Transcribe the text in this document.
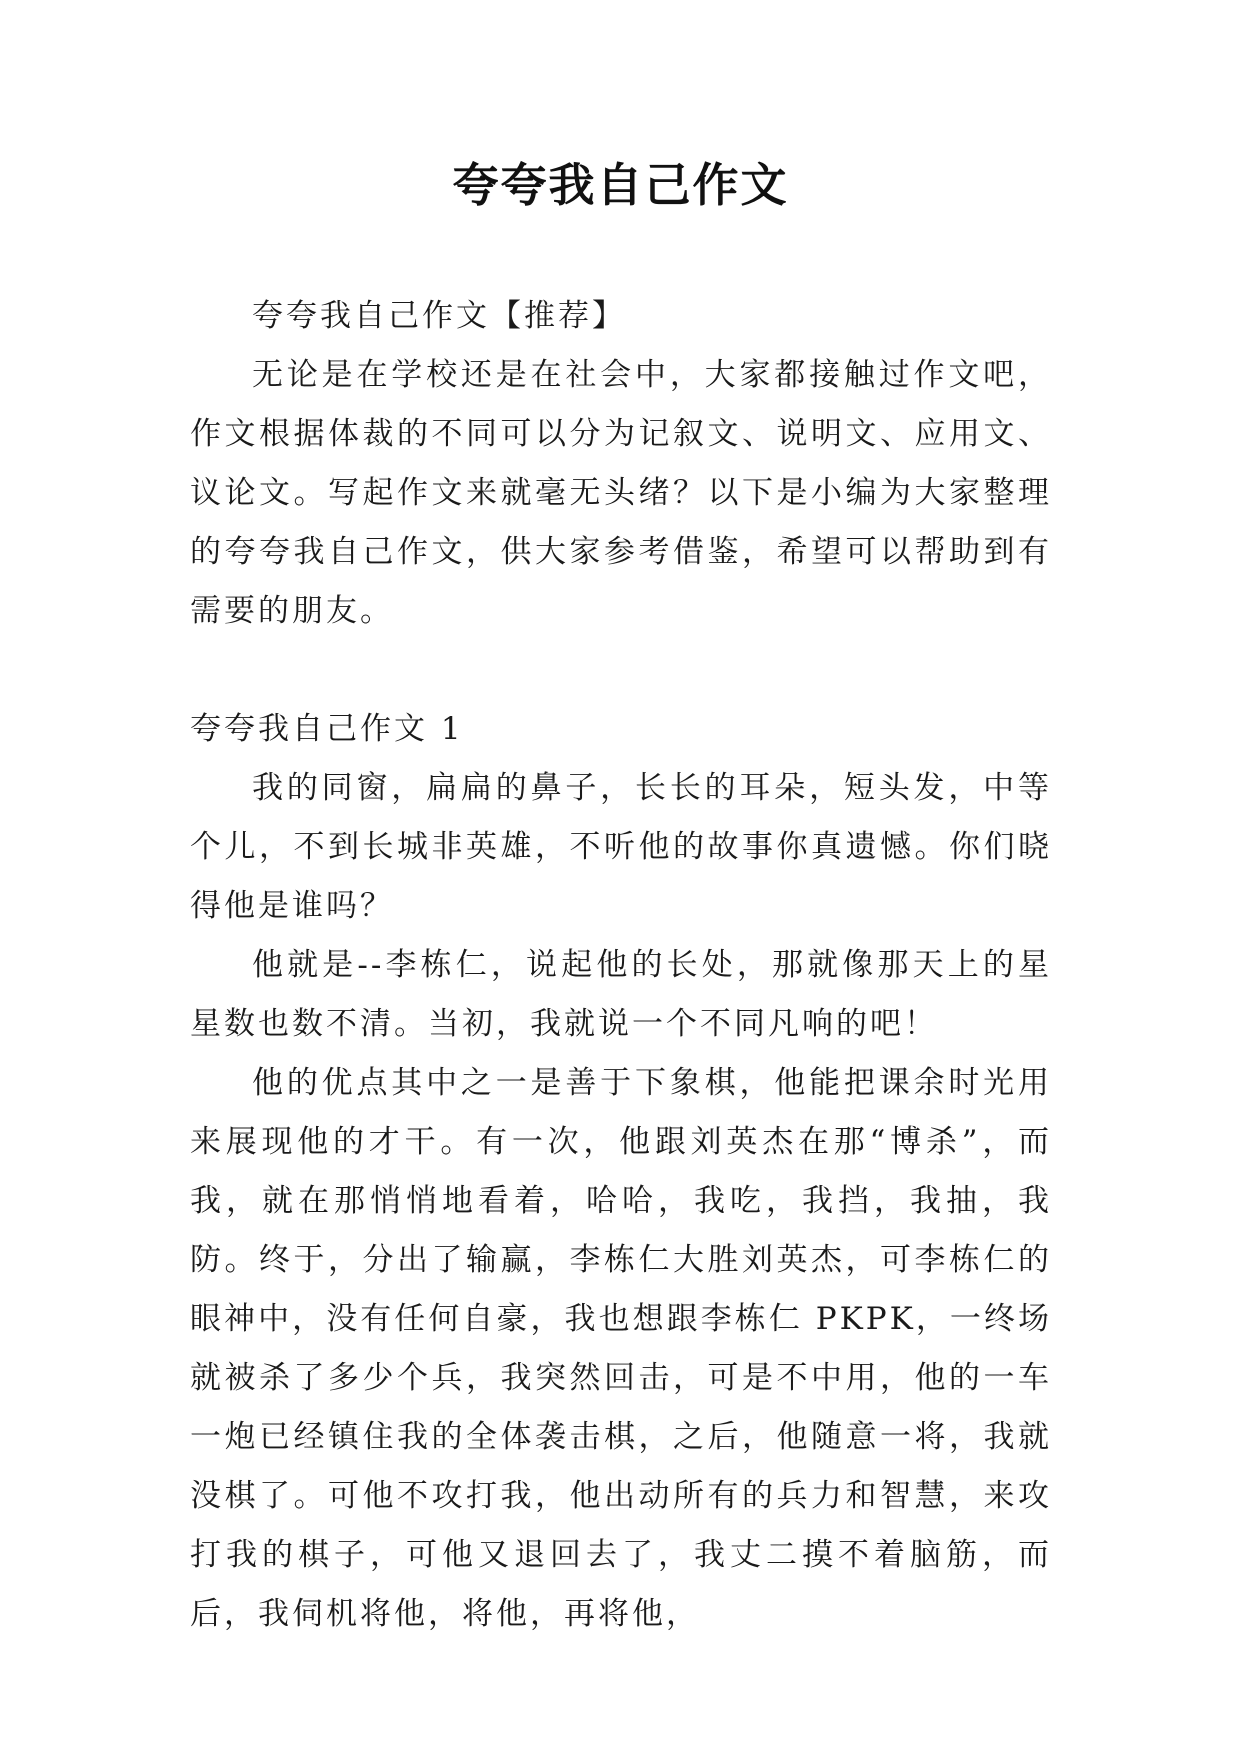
夸夸我自己作文

夸夸我自己作文【推荐】

无论是在学校还是在社会中，大家都接触过作文吧，作文根据体裁的不同可以分为记叙文、说明文、应用文、议论文。写起作文来就毫无头绪？以下是小编为大家整理的夸夸我自己作文，供大家参考借鉴，希望可以帮助到有需要的朋友。

夸夸我自己作文 1

我的同窗，扁扁的鼻子，长长的耳朵，短头发，中等个儿，不到长城非英雄，不听他的故事你真遗憾。你们晓得他是谁吗？

他就是--李栋仁，说起他的长处，那就像那天上的星星数也数不清。当初，我就说一个不同凡响的吧！

他的优点其中之一是善于下象棋，他能把课余时光用来展现他的才干。有一次，他跟刘英杰在那“博杀”，而我，就在那悄悄地看着，哈哈，我吃，我挡，我抽，我防。终于，分出了输赢，李栋仁大胜刘英杰，可李栋仁的眼神中，没有任何自豪，我也想跟李栋仁 PKPK，一终场就被杀了多少个兵，我突然回击，可是不中用，他的一车一炮已经镇住我的全体袭击棋，之后，他随意一将，我就没棋了。可他不攻打我，他出动所有的兵力和智慧，来攻打我的棋子，可他又退回去了，我丈二摸不着脑筋，而后，我伺机将他，将他，再将他，
